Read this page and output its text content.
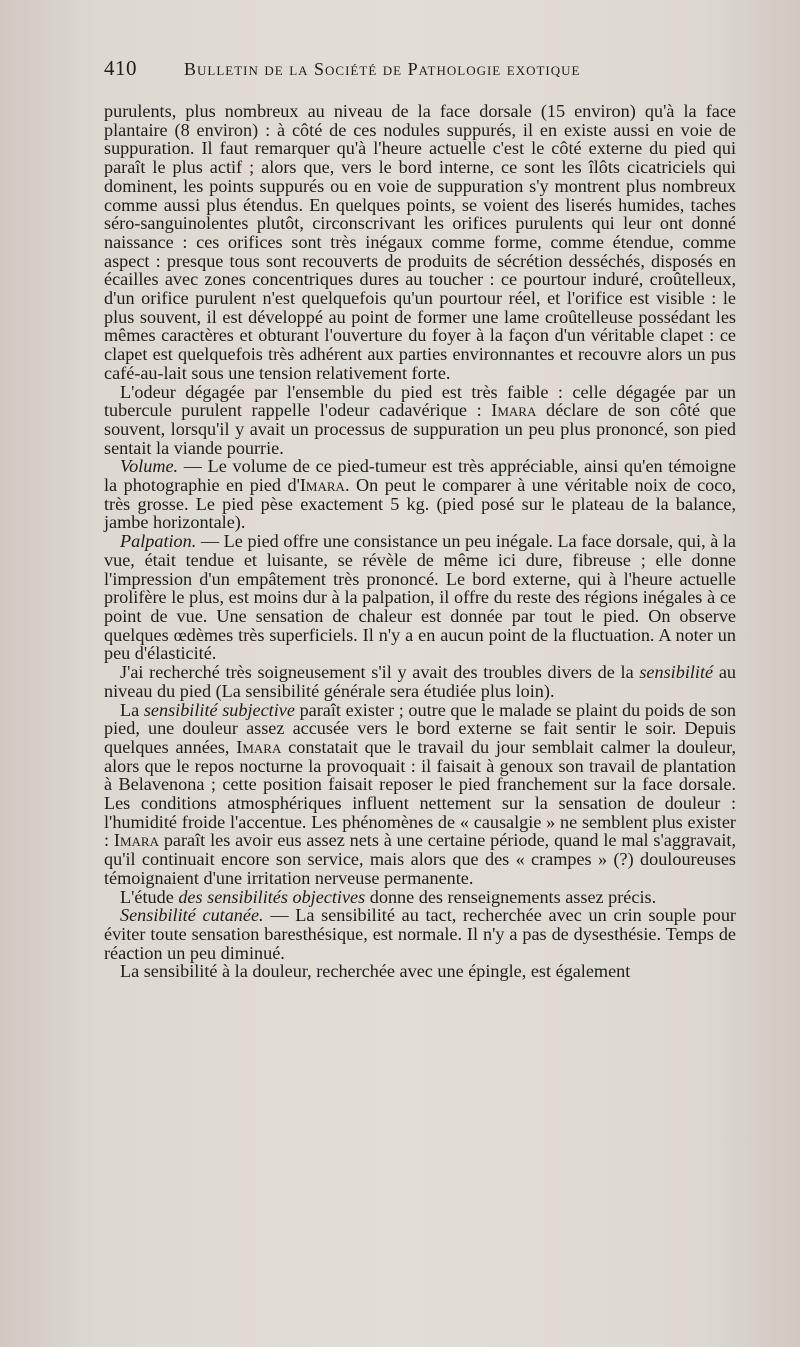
410	Bulletin de la Société de Pathologie exotique

purulents, plus nombreux au niveau de la face dorsale (15 environ) qu'à la face plantaire (8 environ) : à côté de ces nodules suppurés, il en existe aussi en voie de suppuration. Il faut remarquer qu'à l'heure actuelle c'est le côté externe du pied qui paraît le plus actif ; alors que, vers le bord interne, ce sont les îlôts cicatriciels qui dominent, les points suppurés ou en voie de suppuration s'y montrent plus nombreux comme aussi plus étendus. En quelques points, se voient des liserés humides, taches séro-sanguinolentes plutôt, circonscrivant les orifices purulents qui leur ont donné naissance : ces orifices sont très inégaux comme forme, comme étendue, comme aspect : presque tous sont recouverts de produits de sécrétion desséchés, disposés en écailles avec zones concentriques dures au toucher : ce pourtour induré, croûtelleux, d'un orifice purulent n'est quelquefois qu'un pourtour réel, et l'orifice est visible : le plus souvent, il est développé au point de former une lame croûtelleuse possédant les mêmes caractères et obturant l'ouverture du foyer à la façon d'un véritable clapet : ce clapet est quelquefois très adhérent aux parties environnantes et recouvre alors un pus café-au-lait sous une tension relativement forte.

L'odeur dégagée par l'ensemble du pied est très faible : celle dégagée par un tubercule purulent rappelle l'odeur cadavérique : Imara déclare de son côté que souvent, lorsqu'il y avait un processus de suppuration un peu plus prononcé, son pied sentait la viande pourrie.

Volume. — Le volume de ce pied-tumeur est très appréciable, ainsi qu'en témoigne la photographie en pied d'Imara. On peut le comparer à une véritable noix de coco, très grosse. Le pied pèse exactement 5 kg. (pied posé sur le plateau de la balance, jambe horizontale).

Palpation. — Le pied offre une consistance un peu inégale. La face dorsale, qui, à la vue, était tendue et luisante, se révèle de même ici dure, fibreuse ; elle donne l'impression d'un empâtement très prononcé. Le bord externe, qui à l'heure actuelle prolifère le plus, est moins dur à la palpation, il offre du reste des régions inégales à ce point de vue. Une sensation de chaleur est donnée par tout le pied. On observe quelques œdèmes très superficiels. Il n'y a en aucun point de la fluctuation. A noter un peu d'élasticité.

J'ai recherché très soigneusement s'il y avait des troubles divers de la sensibilité au niveau du pied (La sensibilité générale sera étudiée plus loin).

La sensibilité subjective paraît exister ; outre que le malade se plaint du poids de son pied, une douleur assez accusée vers le bord externe se fait sentir le soir. Depuis quelques années, Imara constatait que le travail du jour semblait calmer la douleur, alors que le repos nocturne la provoquait : il faisait à genoux son travail de plantation à Belavenona ; cette position faisait reposer le pied franchement sur la face dorsale. Les conditions atmosphériques influent nettement sur la sensation de douleur : l'humidité froide l'accentue. Les phénomènes de « causalgie » ne semblent plus exister : Imara paraît les avoir eus assez nets à une certaine période, quand le mal s'aggravait, qu'il continuait encore son service, mais alors que des « crampes » (?) douloureuses témoignaient d'une irritation nerveuse permanente.

L'étude des sensibilités objectives donne des renseignements assez précis.

Sensibilité cutanée. — La sensibilité au tact, recherchée avec un crin souple pour éviter toute sensation baresthésique, est normale. Il n'y a pas de dysesthésie. Temps de réaction un peu diminué.

La sensibilité à la douleur, recherchée avec une épingle, est également
